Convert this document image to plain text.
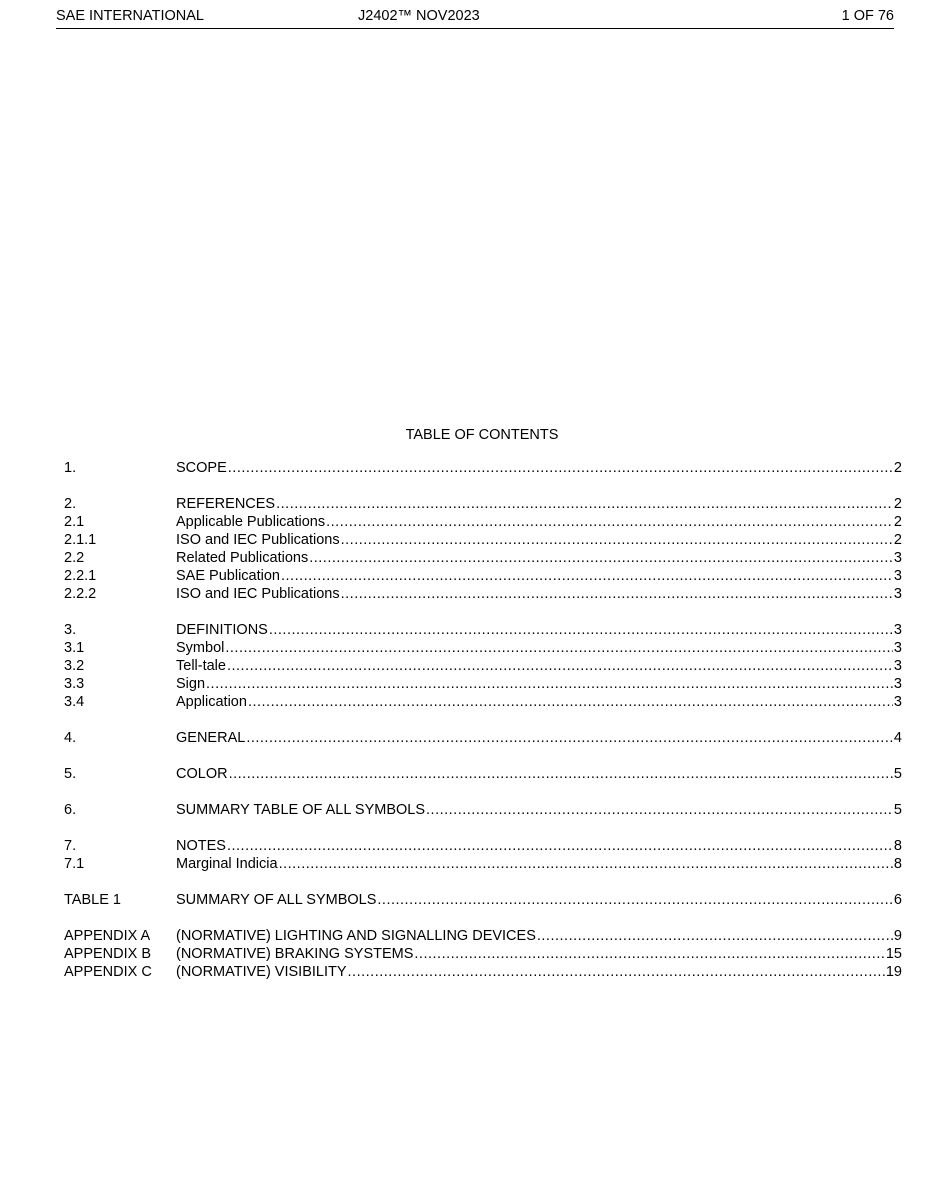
SAE INTERNATIONAL	J2402™ NOV2023	1 OF 76
TABLE OF CONTENTS
1.	SCOPE .....	2
2.	REFERENCES .....	2
2.1	Applicable Publications .....	2
2.1.1	ISO and IEC Publications .....	2
2.2	Related Publications .....	3
2.2.1	SAE Publication .....	3
2.2.2	ISO and IEC Publications .....	3
3.	DEFINITIONS .....	3
3.1	Symbol .....	3
3.2	Tell-tale .....	3
3.3	Sign .....	3
3.4	Application .....	3
4.	GENERAL .....	4
5.	COLOR .....	5
6.	SUMMARY TABLE OF ALL SYMBOLS .....	5
7.	NOTES .....	8
7.1	Marginal Indicia .....	8
TABLE 1	SUMMARY OF ALL SYMBOLS .....	6
APPENDIX A	(NORMATIVE) LIGHTING AND SIGNALLING DEVICES .....	9
APPENDIX B	(NORMATIVE) BRAKING SYSTEMS .....	15
APPENDIX C	(NORMATIVE) VISIBILITY .....	19
